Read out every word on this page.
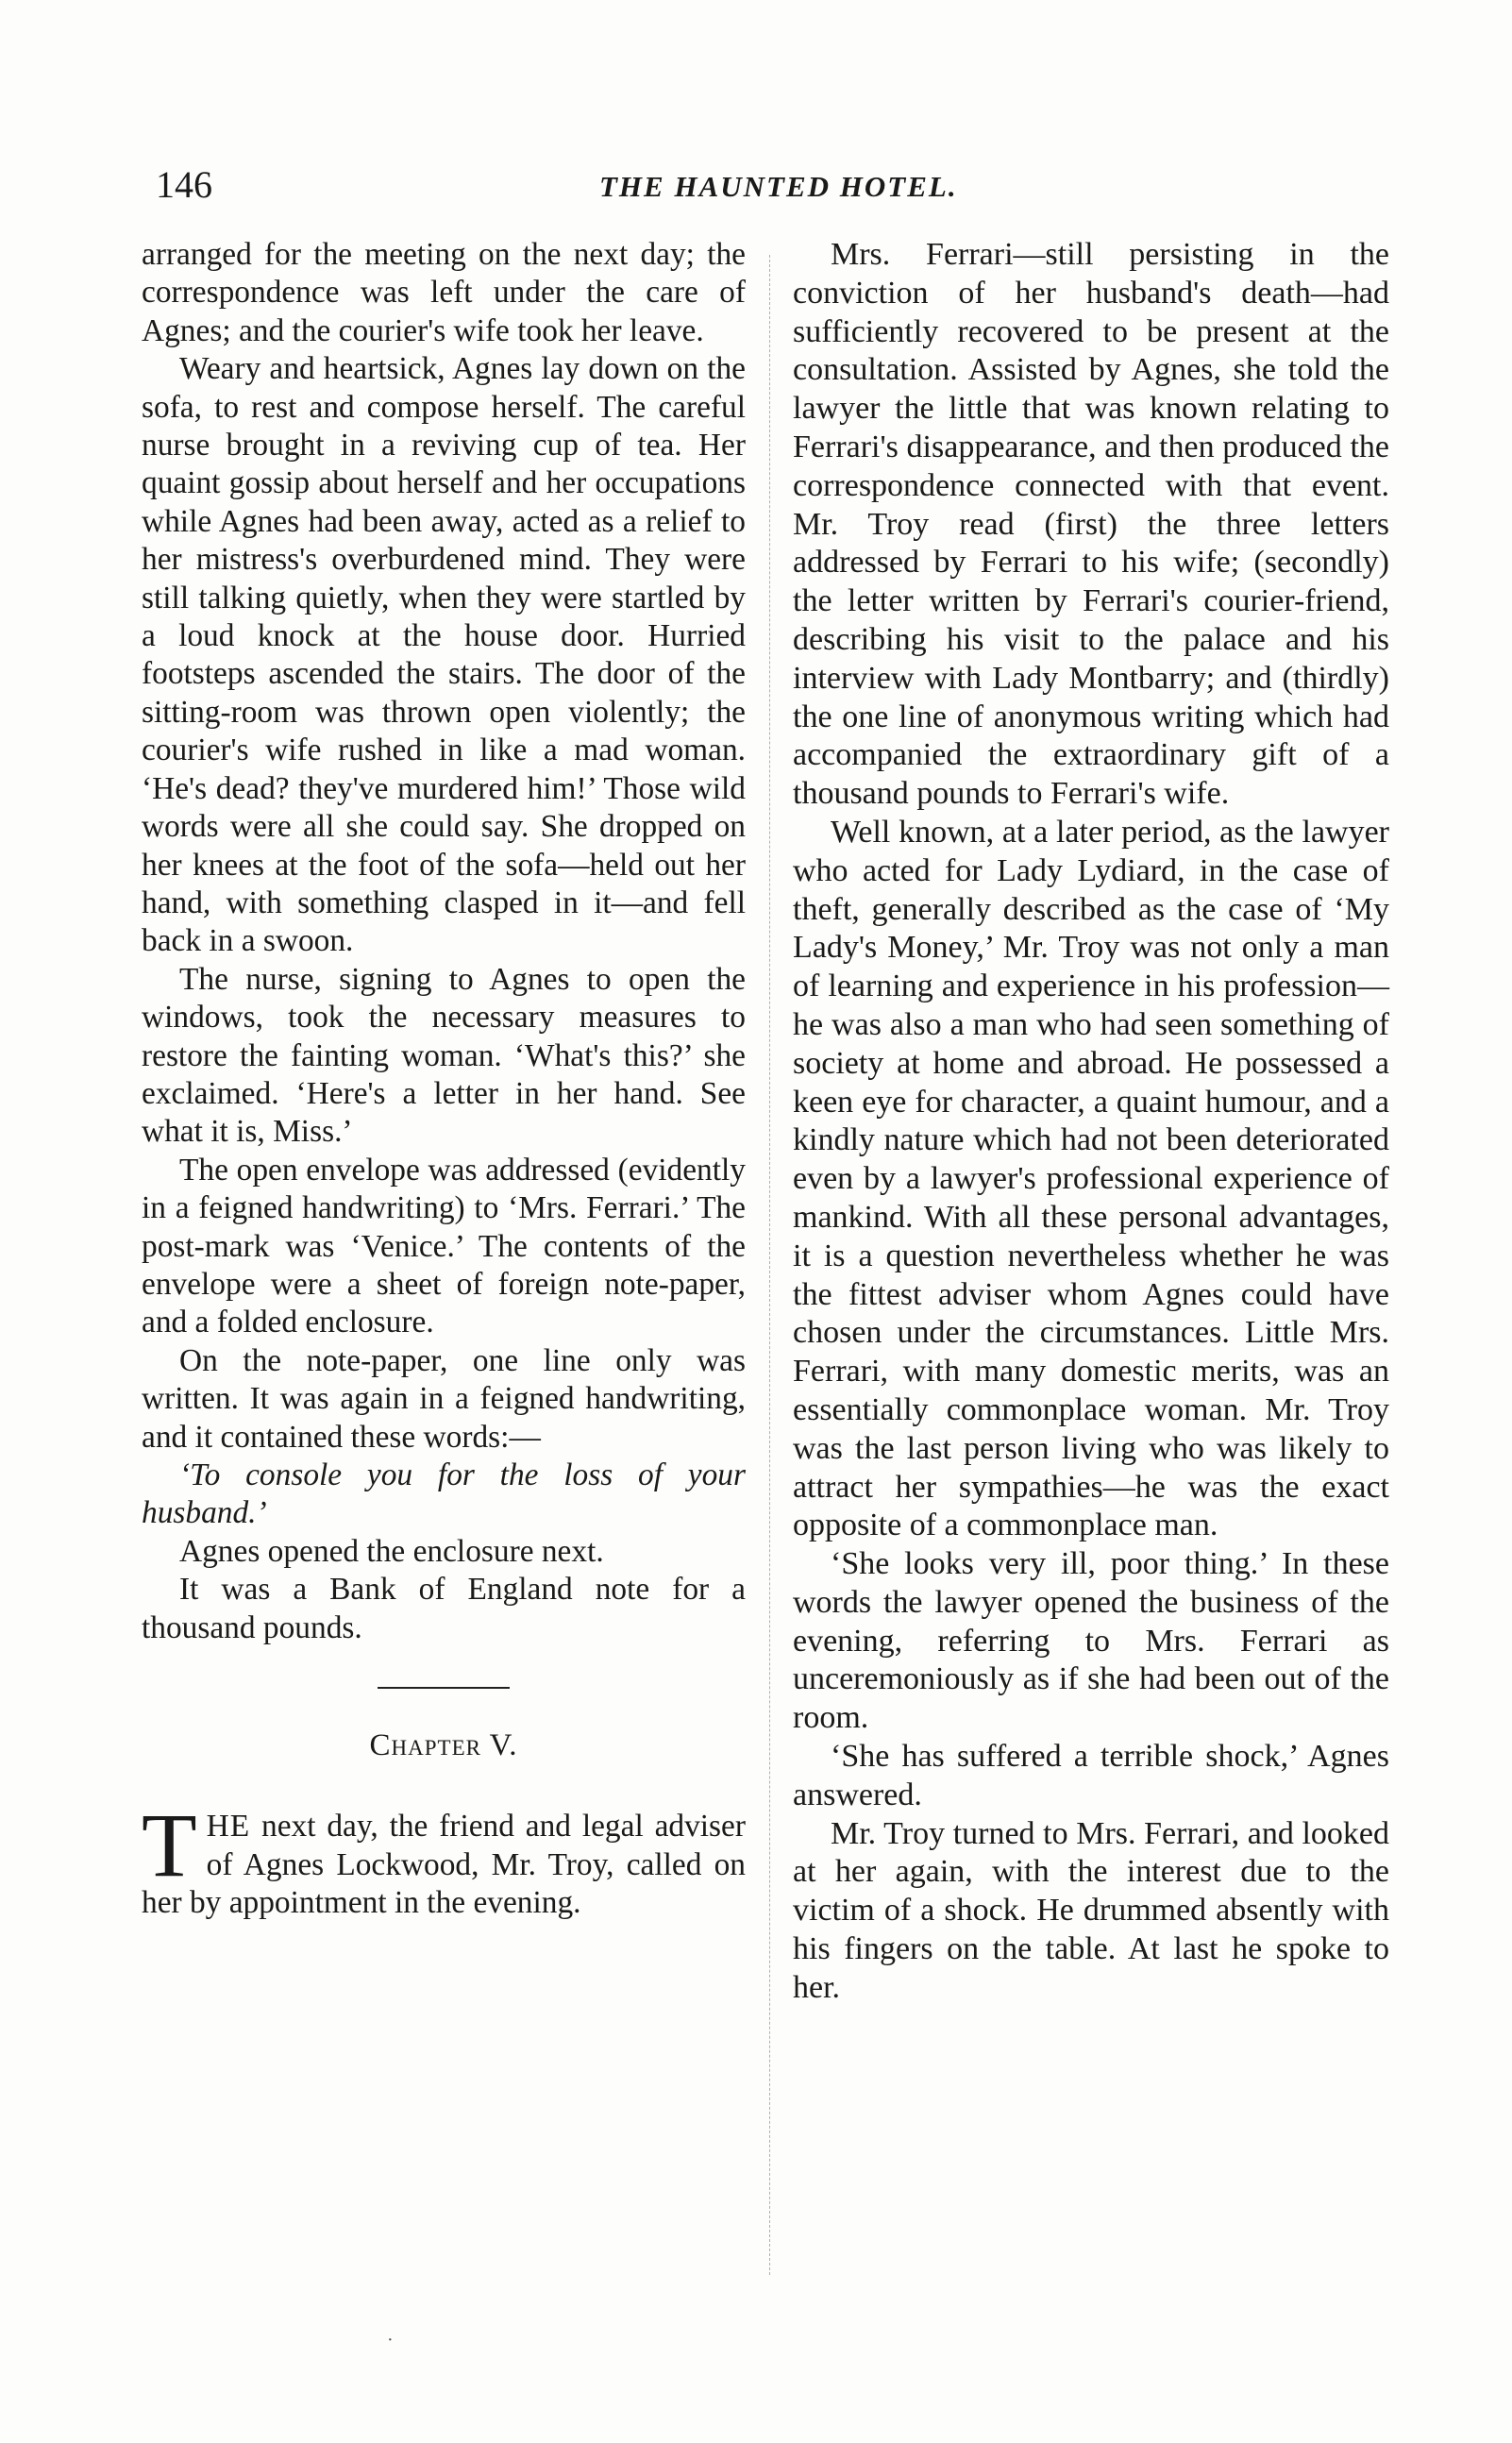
146	THE HAUNTED HOTEL.

arranged for the meeting on the next day; the correspondence was left under the care of Agnes; and the courier's wife took her leave.

Weary and heartsick, Agnes lay down on the sofa, to rest and compose herself. The careful nurse brought in a reviving cup of tea. Her quaint gossip about herself and her occupations while Agnes had been away, acted as a relief to her mistress's overburdened mind. They were still talking quietly, when they were startled by a loud knock at the house door. Hurried footsteps ascended the stairs. The door of the sitting-room was thrown open violently; the courier's wife rushed in like a mad woman. ‘He's dead? they've murdered him!’ Those wild words were all she could say. She dropped on her knees at the foot of the sofa—held out her hand, with something clasped in it—and fell back in a swoon.

The nurse, signing to Agnes to open the windows, took the necessary measures to restore the fainting woman. ‘What's this?’ she exclaimed. ‘Here's a letter in her hand. See what it is, Miss.’

The open envelope was addressed (evidently in a feigned handwriting) to ‘Mrs. Ferrari.’ The post-mark was ‘Venice.’ The contents of the envelope were a sheet of foreign note-paper, and a folded enclosure.

On the note-paper, one line only was written. It was again in a feigned handwriting, and it contained these words:—

‘To console you for the loss of your husband.’

Agnes opened the enclosure next.

It was a Bank of England note for a thousand pounds.

Chapter V.

THE next day, the friend and legal adviser of Agnes Lockwood, Mr. Troy, called on her by appointment in the evening.

Mrs. Ferrari—still persisting in the conviction of her husband's death—had sufficiently recovered to be present at the consultation. Assisted by Agnes, she told the lawyer the little that was known relating to Ferrari's disappearance, and then produced the correspondence connected with that event. Mr. Troy read (first) the three letters addressed by Ferrari to his wife; (secondly) the letter written by Ferrari's courier-friend, describing his visit to the palace and his interview with Lady Montbarry; and (thirdly) the one line of anonymous writing which had accompanied the extraordinary gift of a thousand pounds to Ferrari's wife.

Well known, at a later period, as the lawyer who acted for Lady Lydiard, in the case of theft, generally described as the case of ‘My Lady's Money,’ Mr. Troy was not only a man of learning and experience in his profession—he was also a man who had seen something of society at home and abroad. He possessed a keen eye for character, a quaint humour, and a kindly nature which had not been deteriorated even by a lawyer's professional experience of mankind. With all these personal advantages, it is a question nevertheless whether he was the fittest adviser whom Agnes could have chosen under the circumstances. Little Mrs. Ferrari, with many domestic merits, was an essentially commonplace woman. Mr. Troy was the last person living who was likely to attract her sympathies—he was the exact opposite of a commonplace man.

‘She looks very ill, poor thing.’ In these words the lawyer opened the business of the evening, referring to Mrs. Ferrari as unceremoniously as if she had been out of the room.

‘She has suffered a terrible shock,’ Agnes answered.

Mr. Troy turned to Mrs. Ferrari, and looked at her again, with the interest due to the victim of a shock. He drummed absently with his fingers on the table. At last he spoke to her.

·
